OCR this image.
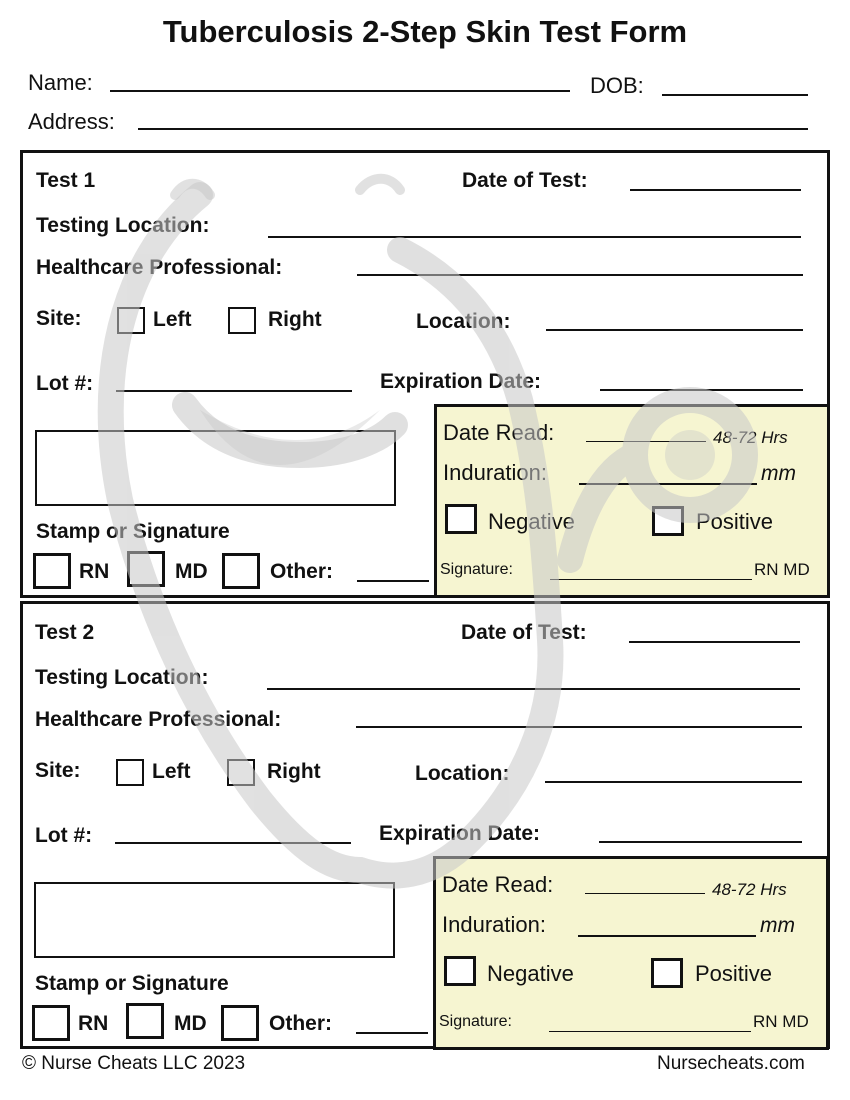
Tuberculosis 2-Step Skin Test Form
Name:	DOB:
Address:
Test 1	Date of Test:
Testing Location:
Healthcare Professional:
Site:	Left	Right	Location:
Lot #:	Expiration Date:
Stamp or Signature
RN	MD	Other:
Date Read:	48-72 Hrs
Induration:	mm
Negative	Positive
Signature:	RN MD
Test 2	Date of Test:
Testing Location:
Healthcare Professional:
Site:	Left	Right	Location:
Lot #:	Expiration Date:
Stamp or Signature
RN	MD	Other:
Date Read:	48-72 Hrs
Induration:	mm
Negative	Positive
Signature:	RN MD
© Nurse Cheats LLC 2023	Nursecheats.com
